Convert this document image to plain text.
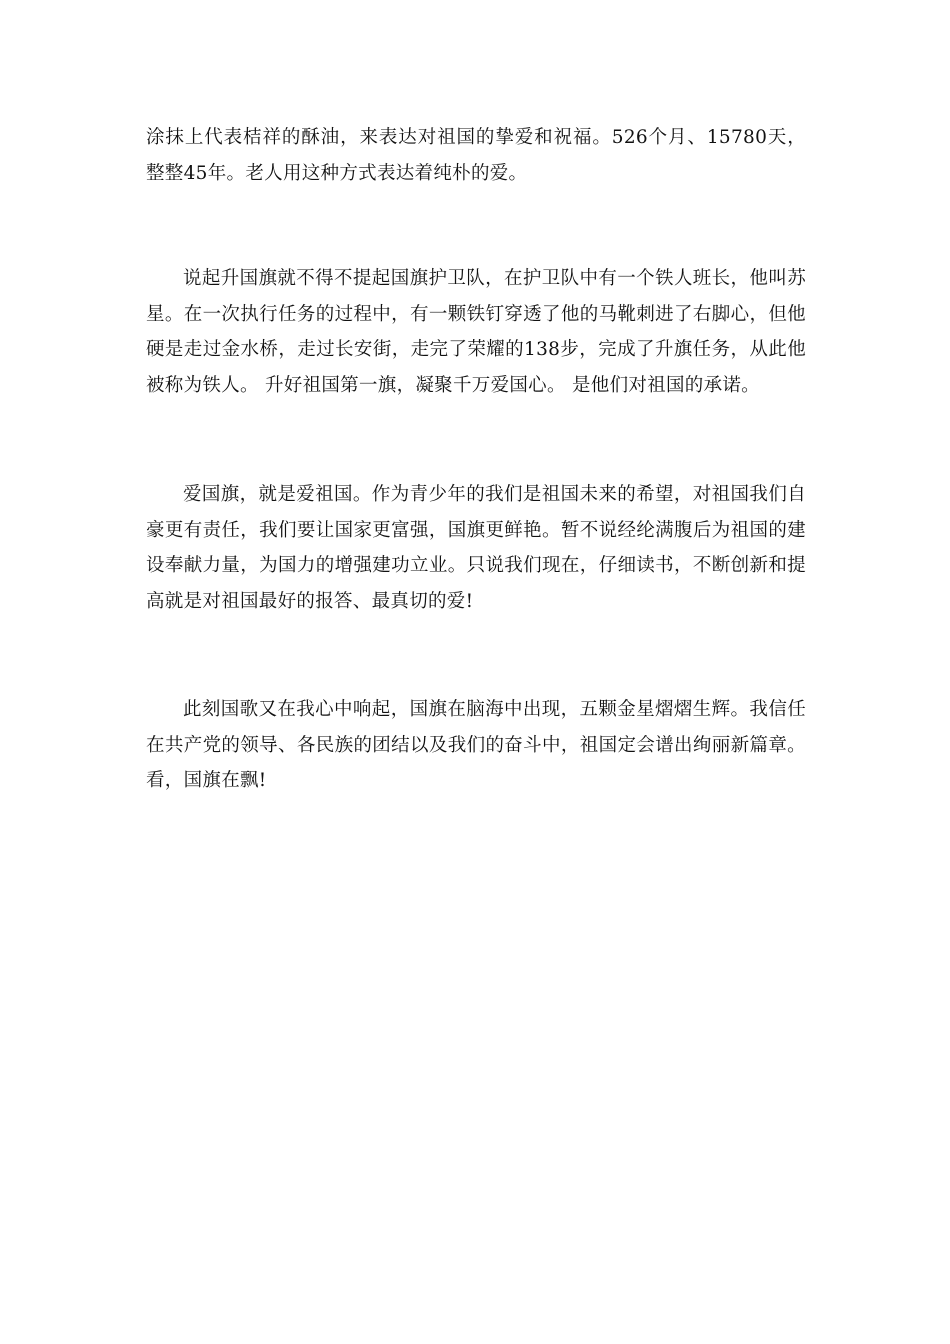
涂抹上代表桔祥的酥油，来表达对祖国的挚爱和祝福。526个月、15780天，整整45年。老人用这种方式表达着纯朴的爱。

说起升国旗就不得不提起国旗护卫队，在护卫队中有一个铁人班长，他叫苏星。在一次执行任务的过程中，有一颗铁钉穿透了他的马靴刺进了右脚心，但他硬是走过金水桥，走过长安街，走完了荣耀的138步，完成了升旗任务，从此他被称为铁人。 升好祖国第一旗，凝聚千万爱国心。 是他们对祖国的承诺。

爱国旗，就是爱祖国。作为青少年的我们是祖国未来的希望，对祖国我们自豪更有责任，我们要让国家更富强，国旗更鲜艳。暂不说经纶满腹后为祖国的建设奉献力量，为国力的增强建功立业。只说我们现在，仔细读书，不断创新和提高就是对祖国最好的报答、最真切的爱!

此刻国歌又在我心中响起，国旗在脑海中出现，五颗金星熠熠生辉。我信任在共产党的领导、各民族的团结以及我们的奋斗中，祖国定会谱出绚丽新篇章。看，国旗在飘!
